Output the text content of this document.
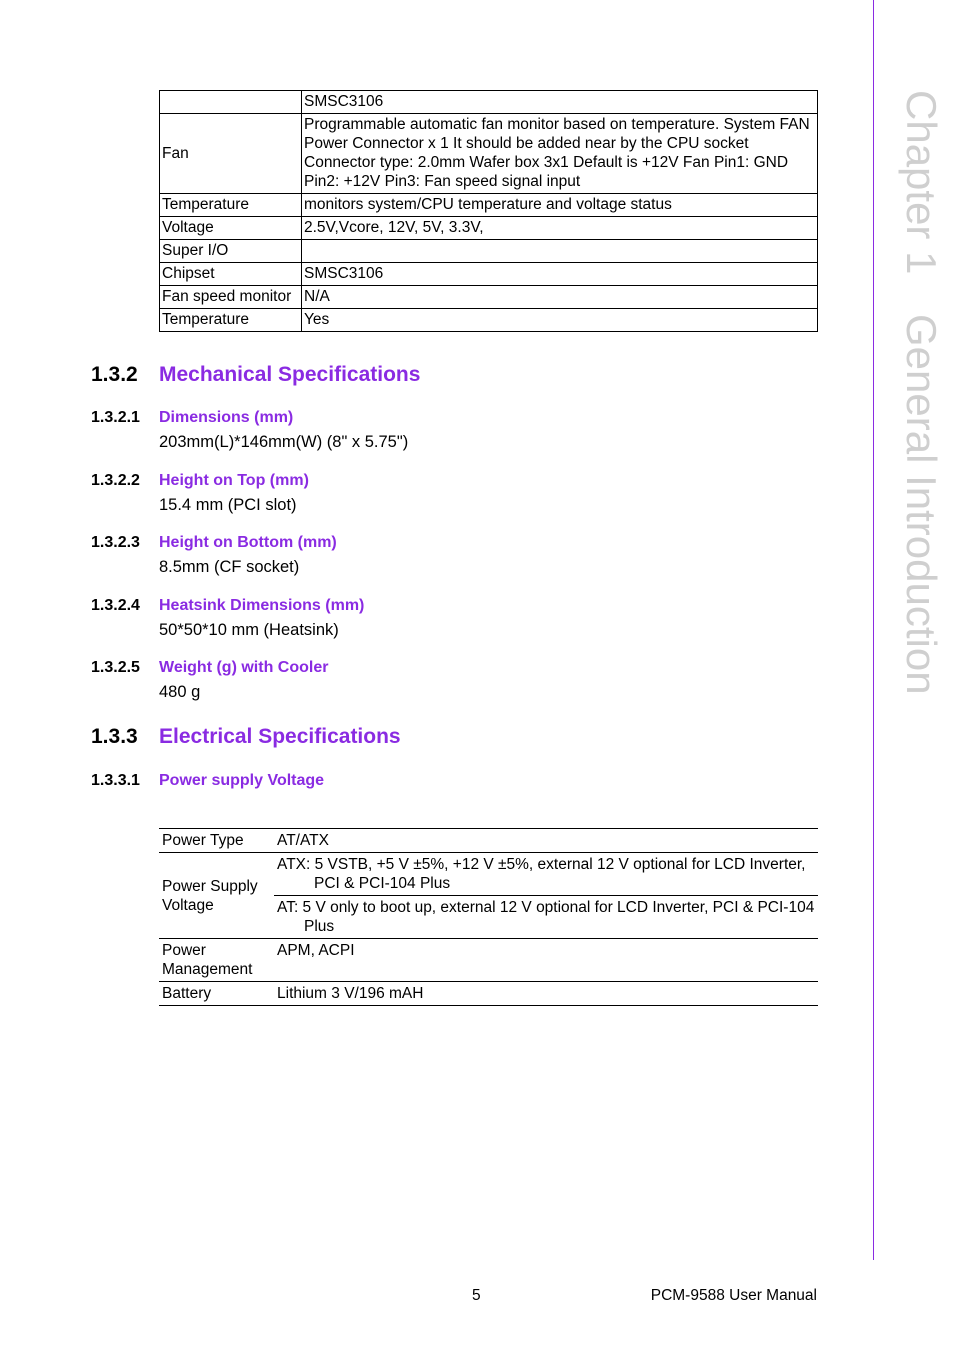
Chapter 1General Introduction
	SMSC3106
Fan	Programmable automatic fan monitor based on temperature. System FAN Power Connector x 1 It should be added near by the CPU socket Connector type: 2.0mm Wafer box 3x1 Default is +12V Fan Pin1: GND Pin2: +12V Pin3: Fan speed signal input
Temperature	monitors system/CPU temperature and voltage status
Voltage	2.5V,Vcore, 12V, 5V, 3.3V,
Super I/O	
Chipset	SMSC3106
Fan speed monitor	N/A
Temperature	Yes
1.3.2 Mechanical Specifications
1.3.2.1 Dimensions (mm)
203mm(L)*146mm(W) (8" x 5.75")
1.3.2.2 Height on Top (mm)
15.4 mm (PCI slot)
1.3.2.3 Height on Bottom (mm)
8.5mm (CF socket)
1.3.2.4 Heatsink Dimensions (mm)
50*50*10 mm (Heatsink)
1.3.2.5 Weight (g) with Cooler
480 g
1.3.3 Electrical Specifications
1.3.3.1 Power supply Voltage
Power Type	AT/ATX
Power Supply Voltage	ATX: 5 VSTB, +5 V ±5%, +12 V ±5%, external 12 V optional for LCD Inverter, PCI & PCI-104 Plus
	AT: 5 V only to boot up, external 12 V optional for LCD Inverter, PCI & PCI-104 Plus
Power Management	APM, ACPI
Battery	Lithium 3 V/196 mAH
5	PCM-9588 User Manual
